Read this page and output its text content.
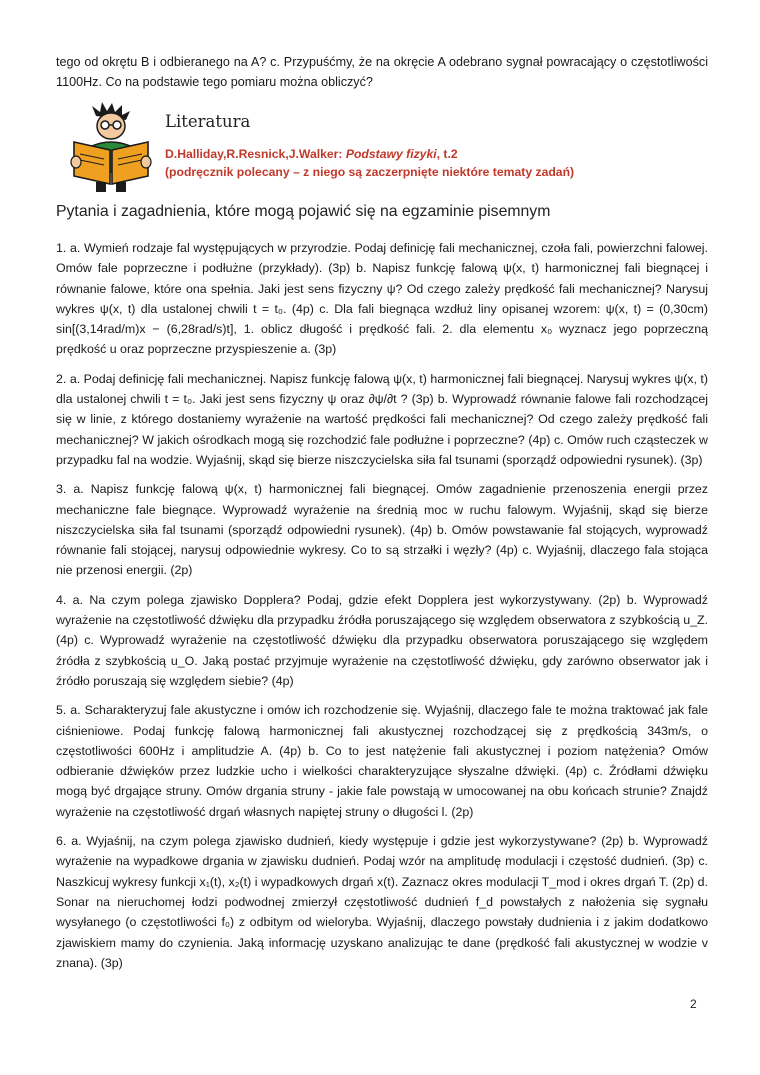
tego od okrętu B i odbieranego na A? c. Przypuśćmy, że na okręcie A odebrano sygnał powracający o częstotliwości 1100Hz. Co na podstawie tego pomiaru można obliczyć?
Literatura
D.Halliday,R.Resnick,J.Walker: Podstawy fizyki, t.2
(podręcznik polecany – z niego są zaczerpnięte niektóre tematy zadań)
Pytania i zagadnienia, które mogą pojawić się na egzaminie pisemnym

1. a. Wymień rodzaje fal występujących w przyrodzie. Podaj definicję fali mechanicznej, czoła fali, powierzchni falowej. Omów fale poprzeczne i podłużne (przykłady). (3p) b. Napisz funkcję falową ψ(x, t) harmonicznej fali biegnącej i równanie falowe, które ona spełnia. Jaki jest sens fizyczny ψ? Od czego zależy prędkość fali mechanicznej? Narysuj wykres ψ(x, t) dla ustalonej chwili t = t₀. (4p) c. Dla fali biegnąca wzdłuż liny opisanej wzorem: ψ(x, t) = (0,30cm) sin[(3,14rad/m)x − (6,28rad/s)t], 1. oblicz długość i prędkość fali. 2. dla elementu x₀ wyznacz jego poprzeczną prędkość u oraz poprzeczne przyspieszenie a. (3p)

2. a. Podaj definicję fali mechanicznej. Napisz funkcję falową ψ(x, t) harmonicznej fali biegnącej. Narysuj wykres ψ(x, t) dla ustalonej chwili t = t₀. Jaki jest sens fizyczny ψ oraz ∂ψ/∂t ? (3p) b. Wyprowadź równanie falowe fali rozchodzącej się w linie, z którego dostaniemy wyrażenie na wartość prędkości fali mechanicznej? Od czego zależy prędkość fali mechanicznej? W jakich ośrodkach mogą się rozchodzić fale podłużne i poprzeczne? (4p) c. Omów ruch cząsteczek w przypadku fal na wodzie. Wyjaśnij, skąd się bierze niszczycielska siła fal tsunami (sporządź odpowiedni rysunek). (3p)

3. a. Napisz funkcję falową ψ(x, t) harmonicznej fali biegnącej. Omów zagadnienie przenoszenia energii przez mechaniczne fale biegnące. Wyprowadź wyrażenie na średnią moc w ruchu falowym. Wyjaśnij, skąd się bierze niszczycielska siła fal tsunami (sporządź odpowiedni rysunek). (4p) b. Omów powstawanie fal stojących, wyprowadź równanie fali stojącej, narysuj odpowiednie wykresy. Co to są strzałki i węzły? (4p) c. Wyjaśnij, dlaczego fala stojąca nie przenosi energii. (2p)

4. a. Na czym polega zjawisko Dopplera? Podaj, gdzie efekt Dopplera jest wykorzystywany. (2p) b. Wyprowadź wyrażenie na częstotliwość dźwięku dla przypadku źródła poruszającego się względem obserwatora z szybkością u_Z. (4p) c. Wyprowadź wyrażenie na częstotliwość dźwięku dla przypadku obserwatora poruszającego się względem źródła z szybkością u_O. Jaką postać przyjmuje wyrażenie na częstotliwość dźwięku, gdy zarówno obserwator jak i źródło poruszają się względem siebie? (4p)

5. a. Scharakteryzuj fale akustyczne i omów ich rozchodzenie się. Wyjaśnij, dlaczego fale te można traktować jak fale ciśnieniowe. Podaj funkcję falową harmonicznej fali akustycznej rozchodzącej się z prędkością 343m/s, o częstotliwości 600Hz i amplitudzie A. (4p) b. Co to jest natężenie fali akustycznej i poziom natężenia? Omów odbieranie dźwięków przez ludzkie ucho i wielkości charakteryzujące słyszalne dźwięki. (4p) c. Źródłami dźwięku mogą być drgające struny. Omów drgania struny - jakie fale powstają w umocowanej na obu końcach strunie? Znajdź wyrażenie na częstotliwość drgań własnych napiętej struny o długości l. (2p)

6. a. Wyjaśnij, na czym polega zjawisko dudnień, kiedy występuje i gdzie jest wykorzystywane? (2p) b. Wyprowadź wyrażenie na wypadkowe drgania w zjawisku dudnień. Podaj wzór na amplitudę modulacji i częstość dudnień. (3p) c. Naszkicuj wykresy funkcji x₁(t), x₂(t) i wypadkowych drgań x(t). Zaznacz okres modulacji T_mod i okres drgań T. (2p) d. Sonar na nieruchomej łodzi podwodnej zmierzył częstotliwość dudnień f_d powstałych z nałożenia się sygnału wysyłanego (o częstotliwości f₀) z odbitym od wieloryba. Wyjaśnij, dlaczego powstały dudnienia i z jakim dodatkowo zjawiskiem mamy do czynienia. Jaką informację uzyskano analizując te dane (prędkość fali akustycznej w wodzie v znana). (3p)

2
